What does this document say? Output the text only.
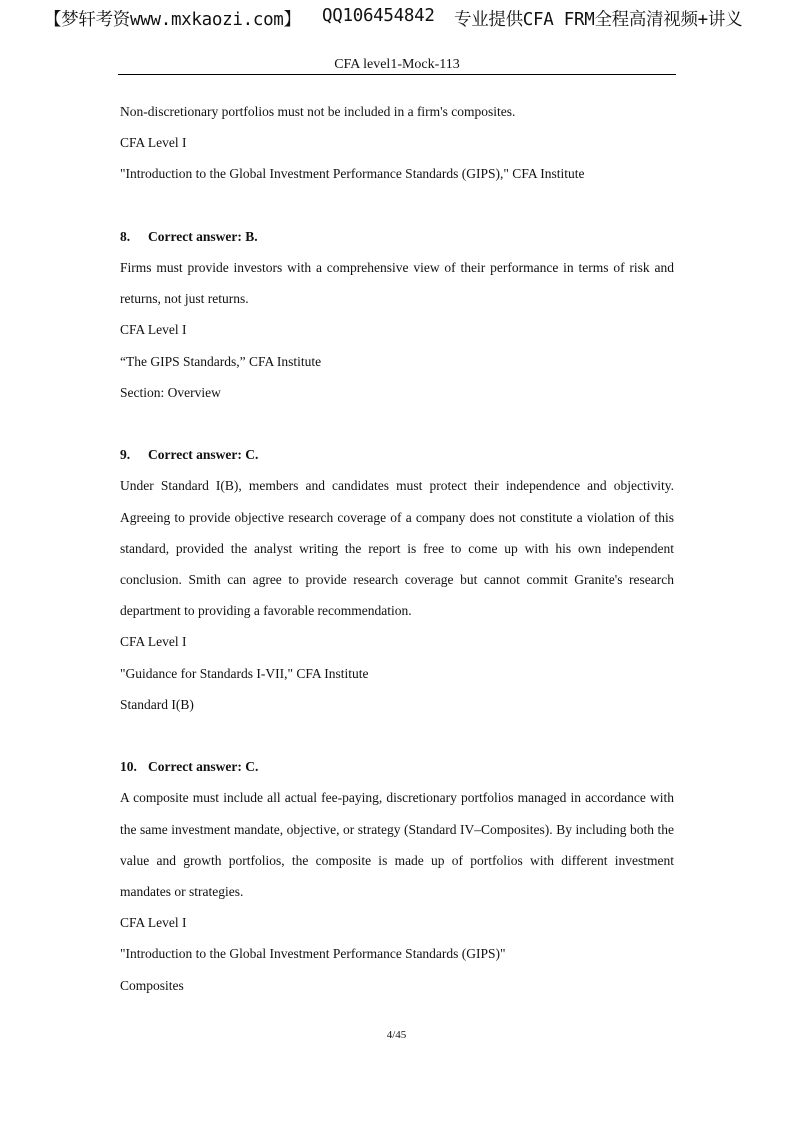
【梦轩考资www.mxkaozi.com】

QQ106454842

专业提供CFA FRM全程高清视频+讲义

CFA level1-Mock-113

Non-discretionary portfolios must not be included in a firm's composites.

CFA Level I

"Introduction to the Global Investment Performance Standards (GIPS)," CFA Institute

8. Correct answer: B.

Firms must provide investors with a comprehensive view of their performance in terms of risk and returns, not just returns.

CFA Level I

“The GIPS Standards,” CFA Institute

Section: Overview

9. Correct answer: C.

Under Standard I(B), members and candidates must protect their independence and objectivity. Agreeing to provide objective research coverage of a company does not constitute a violation of this standard, provided the analyst writing the report is free to come up with his own independent conclusion. Smith can agree to provide research coverage but cannot commit Granite's research department to providing a favorable recommendation.

CFA Level I

"Guidance for Standards I-VII," CFA Institute

Standard I(B)

10. Correct answer: C.

A composite must include all actual fee-paying, discretionary portfolios managed in accordance with the same investment mandate, objective, or strategy (Standard IV–Composites). By including both the value and growth portfolios, the composite is made up of portfolios with different investment mandates or strategies.

CFA Level I

"Introduction to the Global Investment Performance Standards (GIPS)"

Composites

4/45
